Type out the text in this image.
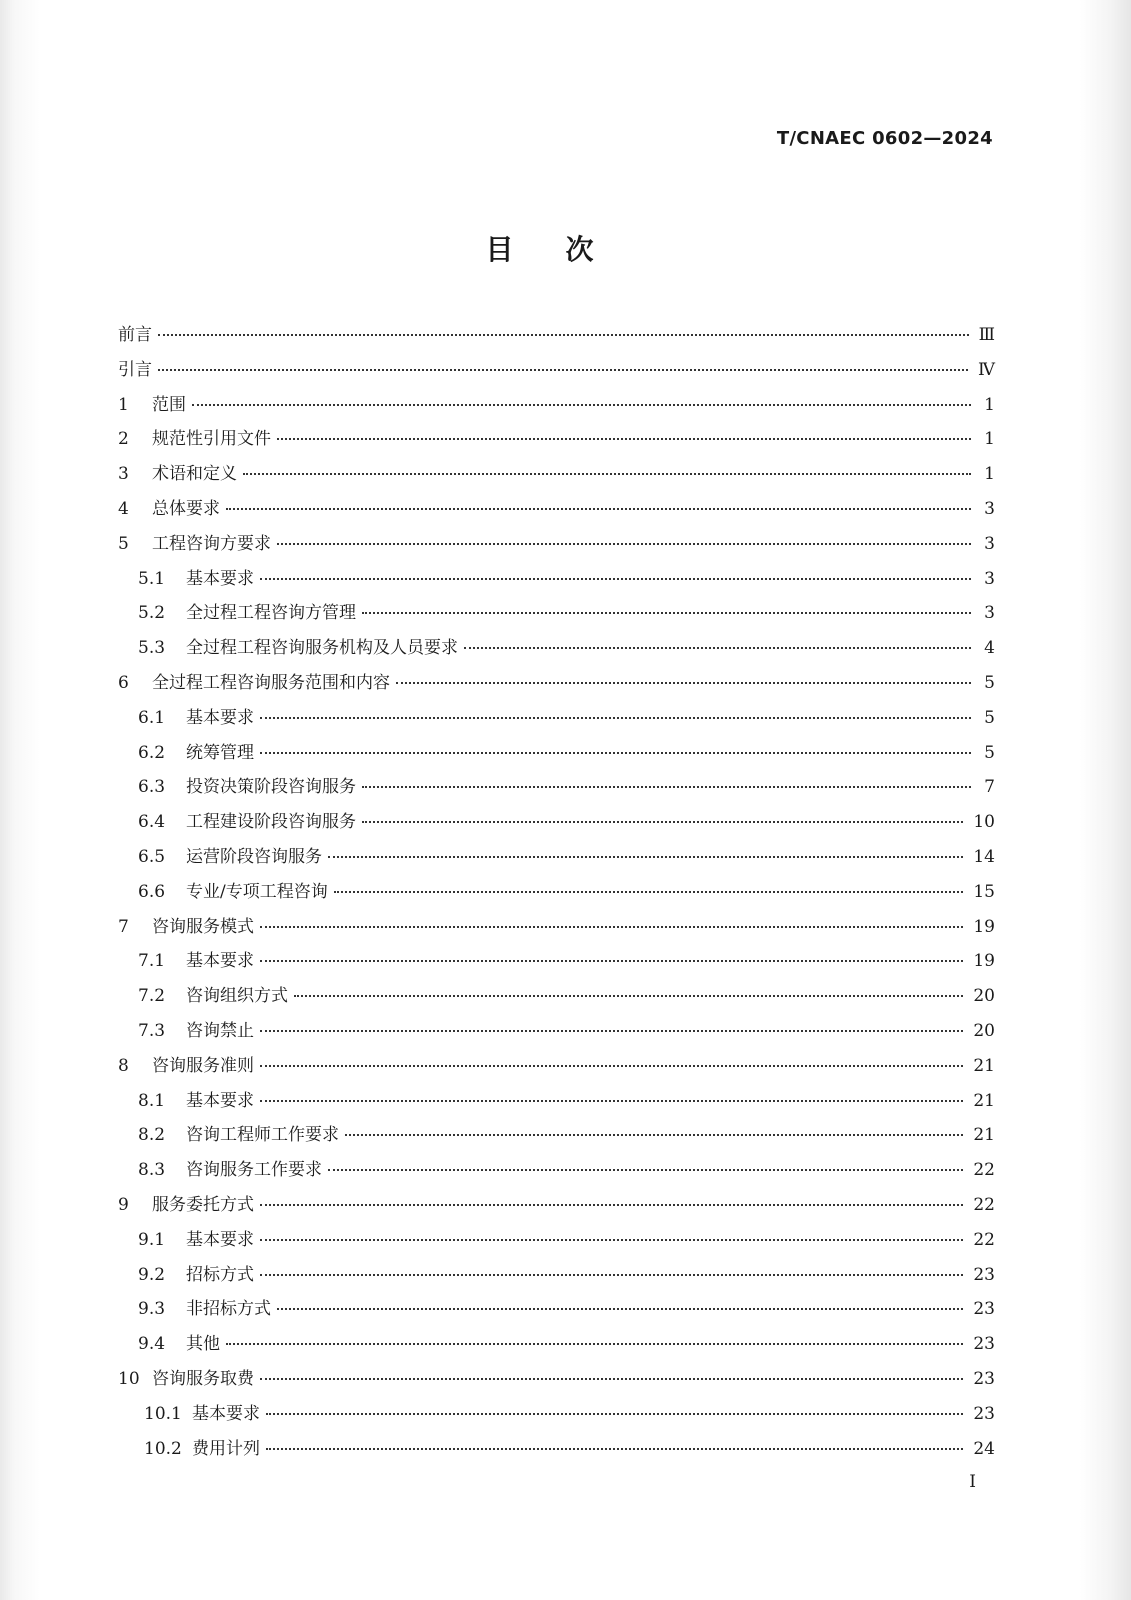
T/CNAEC 0602—2024
目次
前言	Ⅲ
引言	Ⅳ
1	范围	1
2	规范性引用文件	1
3	术语和定义	1
4	总体要求	3
5	工程咨询方要求	3
5.1	基本要求	3
5.2	全过程工程咨询方管理	3
5.3	全过程工程咨询服务机构及人员要求	4
6	全过程工程咨询服务范围和内容	5
6.1	基本要求	5
6.2	统筹管理	5
6.3	投资决策阶段咨询服务	7
6.4	工程建设阶段咨询服务	10
6.5	运营阶段咨询服务	14
6.6	专业/专项工程咨询	15
7	咨询服务模式	19
7.1	基本要求	19
7.2	咨询组织方式	20
7.3	咨询禁止	20
8	咨询服务准则	21
8.1	基本要求	21
8.2	咨询工程师工作要求	21
8.3	咨询服务工作要求	22
9	服务委托方式	22
9.1	基本要求	22
9.2	招标方式	23
9.3	非招标方式	23
9.4	其他	23
10 咨询服务取费	23
10.1 基本要求	23
10.2 费用计列	24
I
